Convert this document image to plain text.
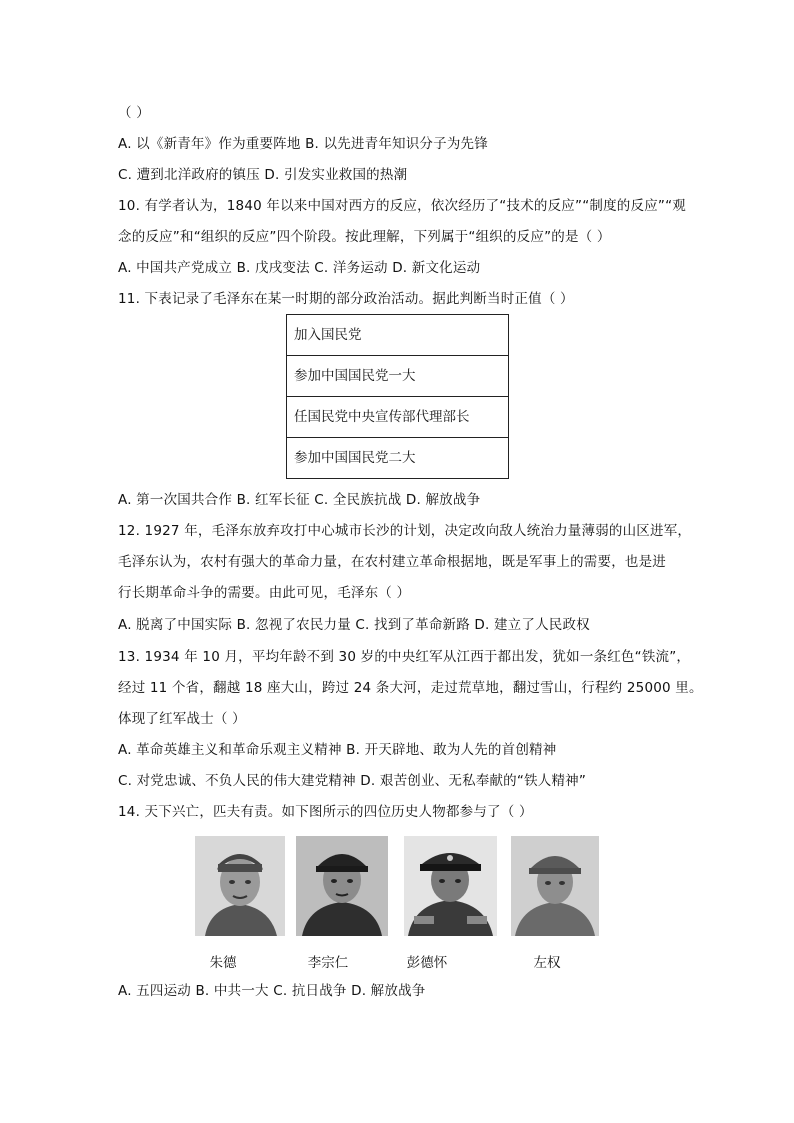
（ ）
A. 以《新青年》作为重要阵地 B. 以先进青年知识分子为先锋
C. 遭到北洋政府的镇压 D. 引发实业救国的热潮
10. 有学者认为，1840 年以来中国对西方的反应，依次经历了“技术的反应”“制度的反应”“观
念的反应”和“组织的反应”四个阶段。按此理解，下列属于“组织的反应”的是（ ）
A. 中国共产党成立 B. 戊戌变法 C. 洋务运动 D. 新文化运动
11. 下表记录了毛泽东在某一时期的部分政治活动。据此判断当时正值（ ）
加入国民党
参加中国国民党一大
任国民党中央宣传部代理部长
参加中国国民党二大
A. 第一次国共合作 B. 红军长征 C. 全民族抗战 D. 解放战争
12. 1927 年，毛泽东放弃攻打中心城市长沙的计划，决定改向敌人统治力量薄弱的山区进军，
毛泽东认为，农村有强大的革命力量，在农村建立革命根据地，既是军事上的需要，也是进
行长期革命斗争的需要。由此可见，毛泽东（ ）
A. 脱离了中国实际 B. 忽视了农民力量 C. 找到了革命新路 D. 建立了人民政权
13. 1934 年 10 月，平均年龄不到 30 岁的中央红军从江西于都出发，犹如一条红色“铁流”，
经过 11 个省，翻越 18 座大山，跨过 24 条大河，走过荒草地，翻过雪山，行程约 25000 里。
体现了红军战士（ ）
A. 革命英雄主义和革命乐观主义精神 B. 开天辟地、敢为人先的首创精神
C. 对党忠诚、不负人民的伟大建党精神 D. 艰苦创业、无私奉献的“铁人精神”
14. 天下兴亡，匹夫有责。如下图所示的四位历史人物都参与了（ ）
朱德	李宗仁	彭德怀	左权
A. 五四运动 B. 中共一大 C. 抗日战争 D. 解放战争
